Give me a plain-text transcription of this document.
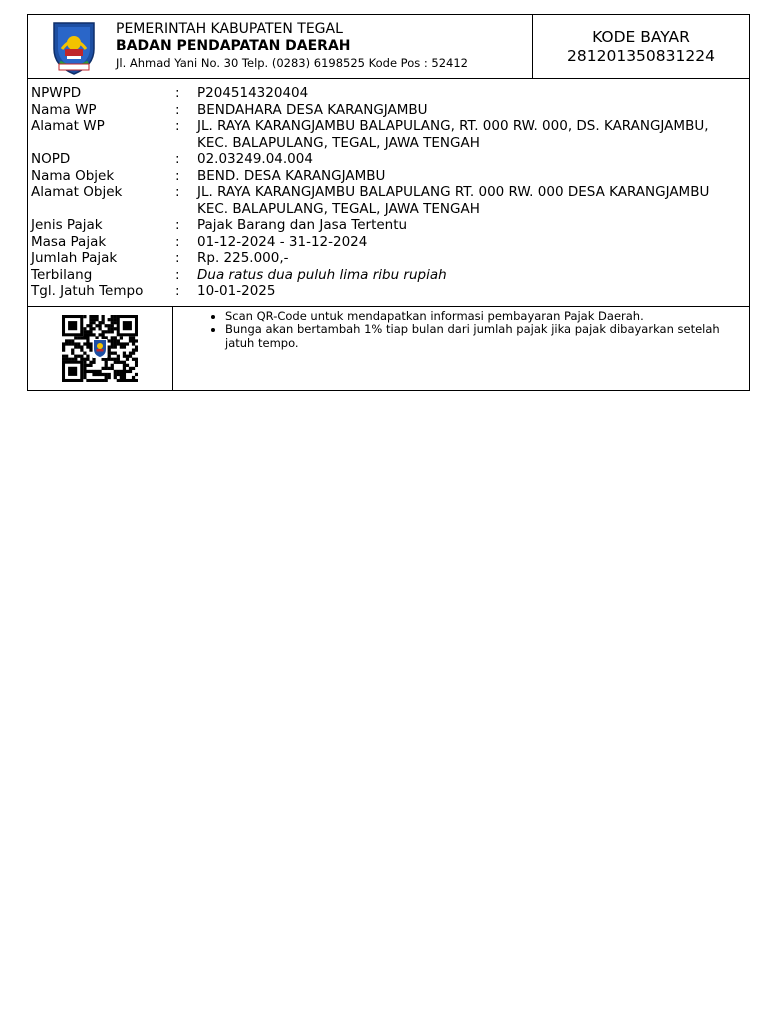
PEMERINTAH KABUPATEN TEGAL
BADAN PENDAPATAN DAERAH
Jl. Ahmad Yani No. 30 Telp. (0283) 6198525 Kode Pos : 52412
KODE BAYAR
281201350831224
NPWPD	:	P204514320404
Nama WP	:	BENDAHARA DESA KARANGJAMBU
Alamat WP	:	JL. RAYA KARANGJAMBU BALAPULANG, RT. 000 RW. 000, DS. KARANGJAMBU, KEC. BALAPULANG, TEGAL, JAWA TENGAH
NOPD	:	02.03249.04.004
Nama Objek	:	BEND. DESA KARANGJAMBU
Alamat Objek	:	JL. RAYA KARANGJAMBU BALAPULANG RT. 000 RW. 000 DESA KARANGJAMBU KEC. BALAPULANG, TEGAL, JAWA TENGAH
Jenis Pajak	:	Pajak Barang dan Jasa Tertentu
Masa Pajak	:	01-12-2024 - 31-12-2024
Jumlah Pajak	:	Rp. 225.000,-
Terbilang	:	Dua ratus dua puluh lima ribu rupiah
Tgl. Jatuh Tempo	:	10-01-2025
• Scan QR-Code untuk mendapatkan informasi pembayaran Pajak Daerah.
• Bunga akan bertambah 1% tiap bulan dari jumlah pajak jika pajak dibayarkan setelah jatuh tempo.
